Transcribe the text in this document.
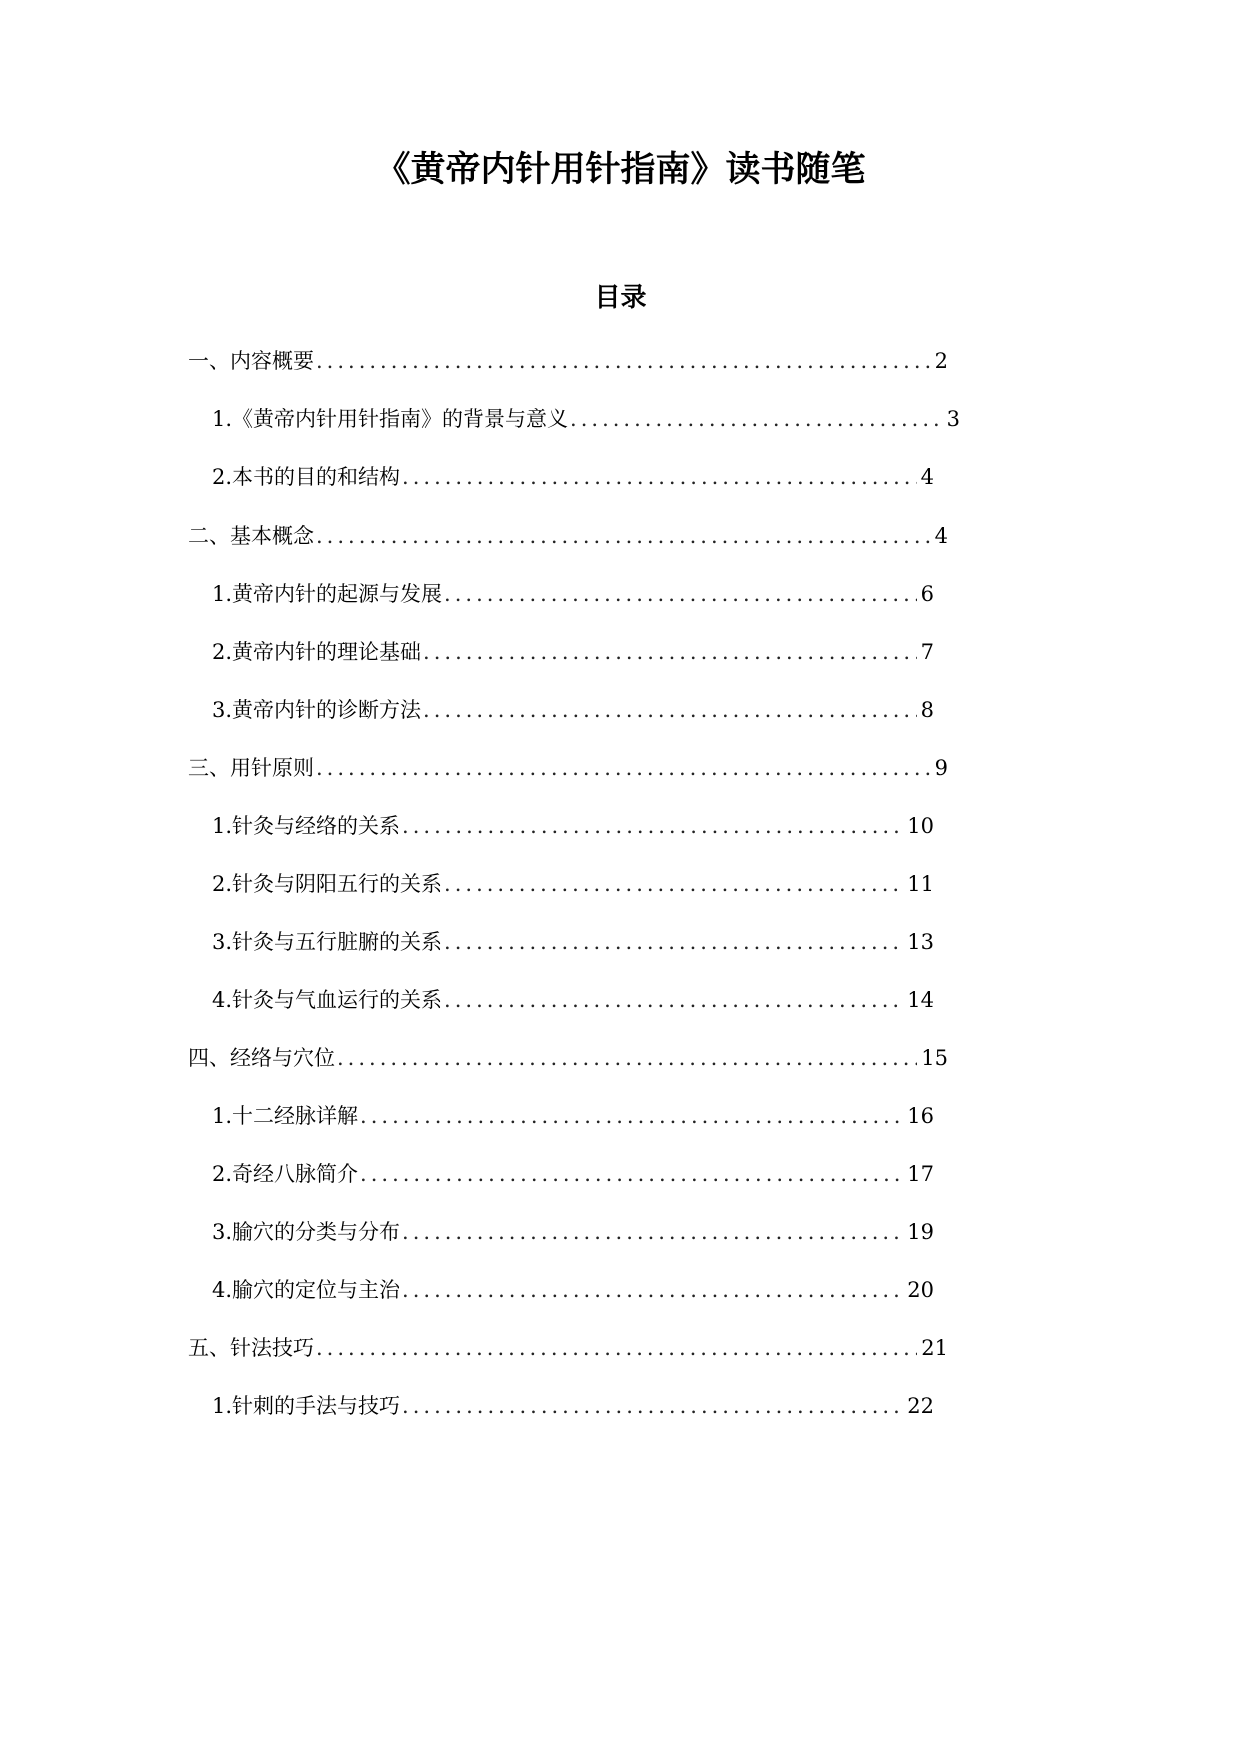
《黄帝内针用针指南》读书随笔
目录
一、内容概要 .....	2
1. 《黄帝内针用针指南》的背景与意义 .....	3
2. 本书的目的和结构 .....	4
二、基本概念 .....	4
1. 黄帝内针的起源与发展 .....	6
2. 黄帝内针的理论基础 .....	7
3. 黄帝内针的诊断方法 .....	8
三、用针原则 .....	9
1. 针灸与经络的关系 .....	10
2. 针灸与阴阳五行的关系 .....	11
3. 针灸与五行脏腑的关系 .....	13
4. 针灸与气血运行的关系 .....	14
四、经络与穴位 .....	15
1. 十二经脉详解 .....	16
2. 奇经八脉简介 .....	17
3. 腧穴的分类与分布 .....	19
4. 腧穴的定位与主治 .....	20
五、针法技巧 .....	21
1. 针刺的手法与技巧 .....	22
